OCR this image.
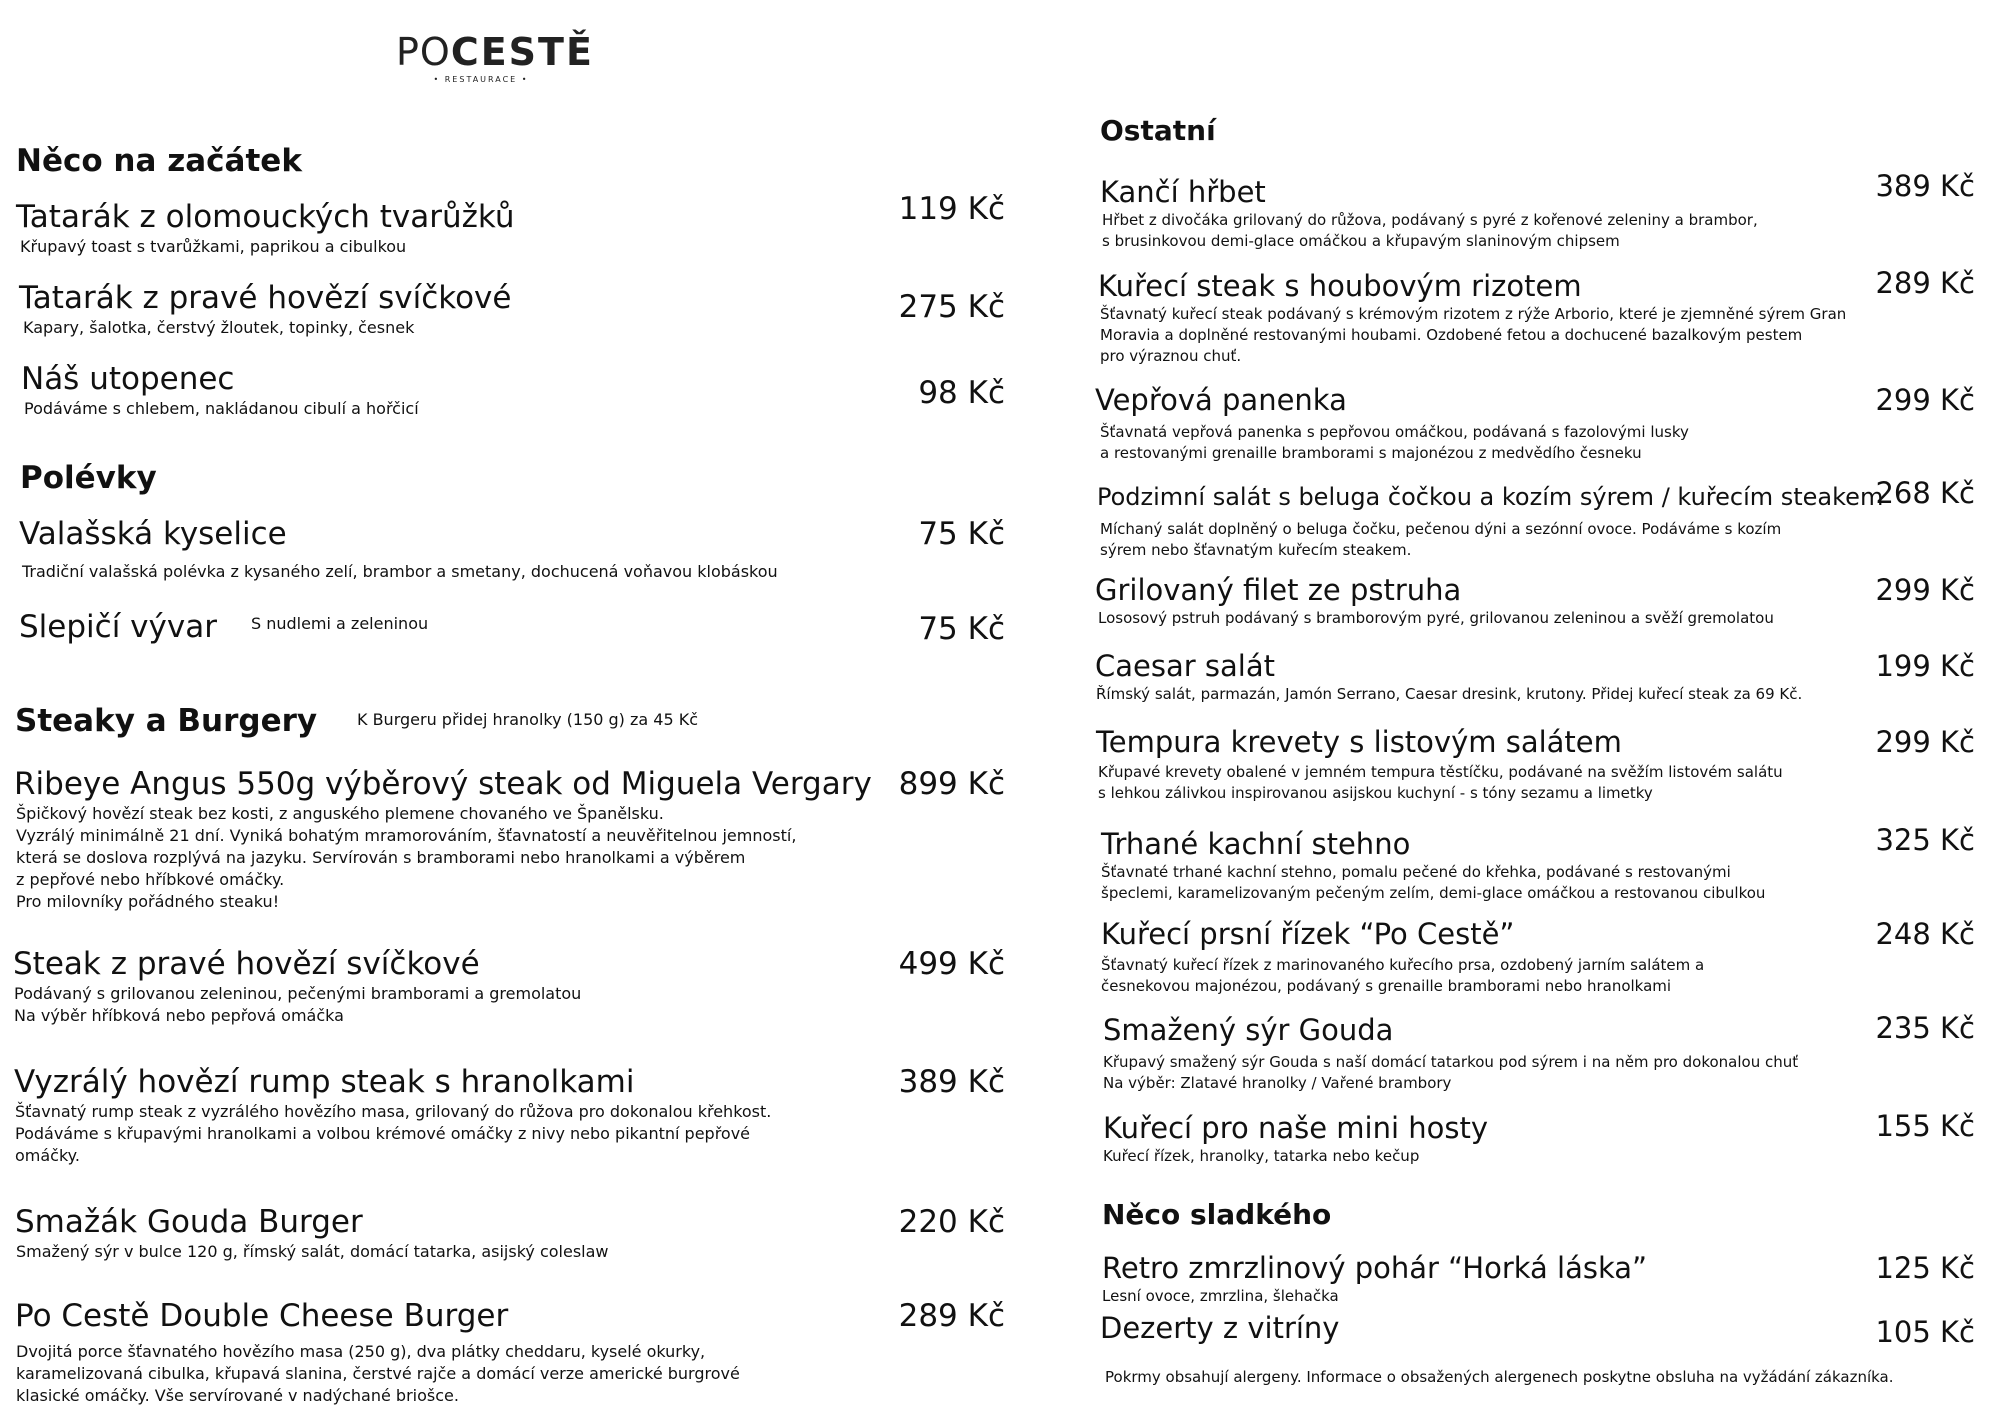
POCESTĚ
• RESTAURACE •
Něco na začátek
Tatarák z olomouckých tvarůžků
Křupavý toast s tvarůžkami, paprikou a cibulkou
119 Kč
Tatarák z pravé hovězí svíčkové
Kapary, šalotka, čerstvý žloutek, topinky, česnek
275 Kč
Náš utopenec
Podáváme s chlebem, nakládanou cibulí a hořčicí	98 Kč
Polévky
Valašská kyselice
Tradiční valašská polévka z kysaného zelí, brambor a smetany, dochucená voňavou klobáskou
75 Kč
Slepičí vývar S nudlemi a zeleninou	75 Kč
Steaky a Burgery K Burgeru přidej hranolky (150 g) za 45 Kč
Ribeye Angus 550g výběrový steak od Miguela Vergary
Špičkový hovězí steak bez kosti, z anguského plemene chovaného ve Španělsku.
Vyzrálý minimálně 21 dní. Vyniká bohatým mramorováním, šťavnatostí a neuvěřitelnou jemností,
která se doslova rozplývá na jazyku. Servírován s bramborami nebo hranolkami a výběrem
z pepřové nebo hříbkové omáčky.
Pro milovníky pořádného steaku!
899 Kč
Steak z pravé hovězí svíčkové
Podávaný s grilovanou zeleninou, pečenými bramborami a gremolatou
Na výběr hříbková nebo pepřová omáčka
499 Kč
Vyzrálý hovězí rump steak s hranolkami
Šťavnatý rump steak z vyzrálého hovězího masa, grilovaný do růžova pro dokonalou křehkost.
Podáváme s křupavými hranolkami a volbou krémové omáčky z nivy nebo pikantní pepřové
omáčky.
389 Kč
Smažák Gouda Burger
Smažený sýr v bulce 120 g, římský salát, domácí tatarka, asijský coleslaw
220 Kč
Po Cestě Double Cheese Burger
Dvojitá porce šťavnatého hovězího masa (250 g), dva plátky cheddaru, kyselé okurky,
karamelizovaná cibulka, křupavá slanina, čerstvé rajče a domácí verze americké burgrové
klasické omáčky. Vše servírované v nadýchané briošce.
289 Kč
Ostatní
Kančí hřbet
Hřbet z divočáka grilovaný do růžova, podávaný s pyré z kořenové zeleniny a brambor,
s brusinkovou demi-glace omáčkou a křupavým slaninovým chipsem
389 Kč
Kuřecí steak s houbovým rizotem
Šťavnatý kuřecí steak podávaný s krémovým rizotem z rýže Arborio, které je zjemněné sýrem Gran
Moravia a doplněné restovanými houbami. Ozdobené fetou a dochucené bazalkovým pestem
pro výraznou chuť.
289 Kč
Vepřová panenka
Šťavnatá vepřová panenka s pepřovou omáčkou, podávaná s fazolovými lusky
a restovanými grenaille bramborami s majonézou z medvědího česneku
299 Kč
Podzimní salát s beluga čočkou a kozím sýrem / kuřecím steakem
Míchaný salát doplněný o beluga čočku, pečenou dýni a sezónní ovoce. Podáváme s kozím
sýrem nebo šťavnatým kuřecím steakem.
268 Kč
Grilovaný filet ze pstruha
Lososový pstruh podávaný s bramborovým pyré, grilovanou zeleninou a svěží gremolatou
299 Kč
Caesar salát
Římský salát, parmazán, Jamón Serrano, Caesar dresink, krutony. Přidej kuřecí steak za 69 Kč.
199 Kč
Tempura krevety s listovým salátem
Křupavé krevety obalené v jemném tempura těstíčku, podávané na svěžím listovém salátu
s lehkou zálivkou inspirovanou asijskou kuchyní - s tóny sezamu a limetky
299 Kč
Trhané kachní stehno
Šťavnaté trhané kachní stehno, pomalu pečené do křehka, podávané s restovanými
špeclemi, karamelizovaným pečeným zelím, demi-glace omáčkou a restovanou cibulkou
325 Kč
Kuřecí prsní řízek “Po Cestě”
Šťavnatý kuřecí řízek z marinovaného kuřecího prsa, ozdobený jarním salátem a
česnekovou majonézou, podávaný s grenaille bramborami nebo hranolkami
248 Kč
Smažený sýr Gouda
Křupavý smažený sýr Gouda s naší domácí tatarkou pod sýrem i na něm pro dokonalou chuť
Na výběr: Zlatavé hranolky / Vařené brambory
235 Kč
Kuřecí pro naše mini hosty
Kuřecí řízek, hranolky, tatarka nebo kečup
155 Kč
Něco sladkého
Retro zmrzlinový pohár “Horká láska”
Lesní ovoce, zmrzlina, šlehačka
125 Kč
Dezerty z vitríny	105 Kč
Pokrmy obsahují alergeny. Informace o obsažených alergenech poskytne obsluha na vyžádání zákazníka.
